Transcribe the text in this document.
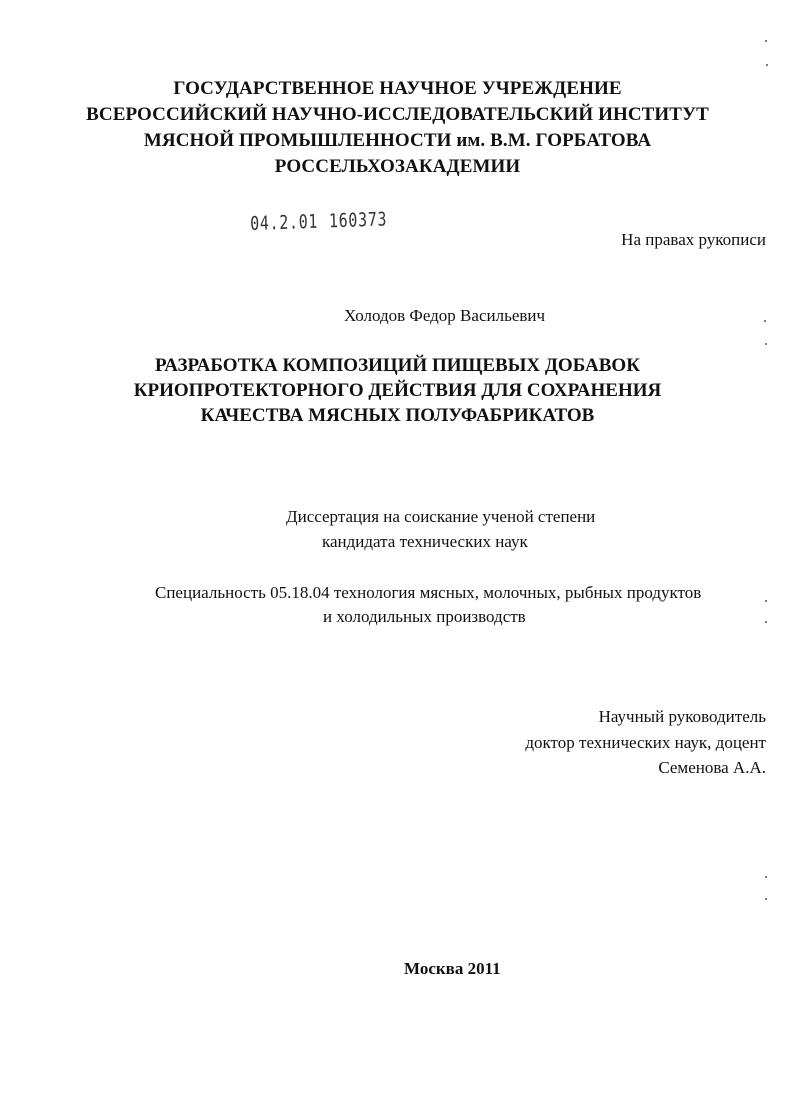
ГОСУДАРСТВЕННОЕ НАУЧНОЕ УЧРЕЖДЕНИЕ
ВСЕРОССИЙСКИЙ НАУЧНО-ИССЛЕДОВАТЕЛЬСКИЙ ИНСТИТУТ
МЯСНОЙ ПРОМЫШЛЕННОСТИ им. В.М. ГОРБАТОВА
РОССЕЛЬХОЗАКАДЕМИИ
04.2.01 160373
На правах рукописи
Холодов Федор Васильевич
РАЗРАБОТКА КОМПОЗИЦИЙ ПИЩЕВЫХ ДОБАВОК
КРИОПРОТЕКТОРНОГО ДЕЙСТВИЯ ДЛЯ СОХРАНЕНИЯ
КАЧЕСТВА МЯСНЫХ ПОЛУФАБРИКАТОВ
Диссертация на соискание ученой степени
кандидата технических наук
Специальность 05.18.04 технология мясных, молочных, рыбных продуктов
и холодильных производств
Научный руководитель
доктор технических наук, доцент
Семенова А.А.
Москва 2011
